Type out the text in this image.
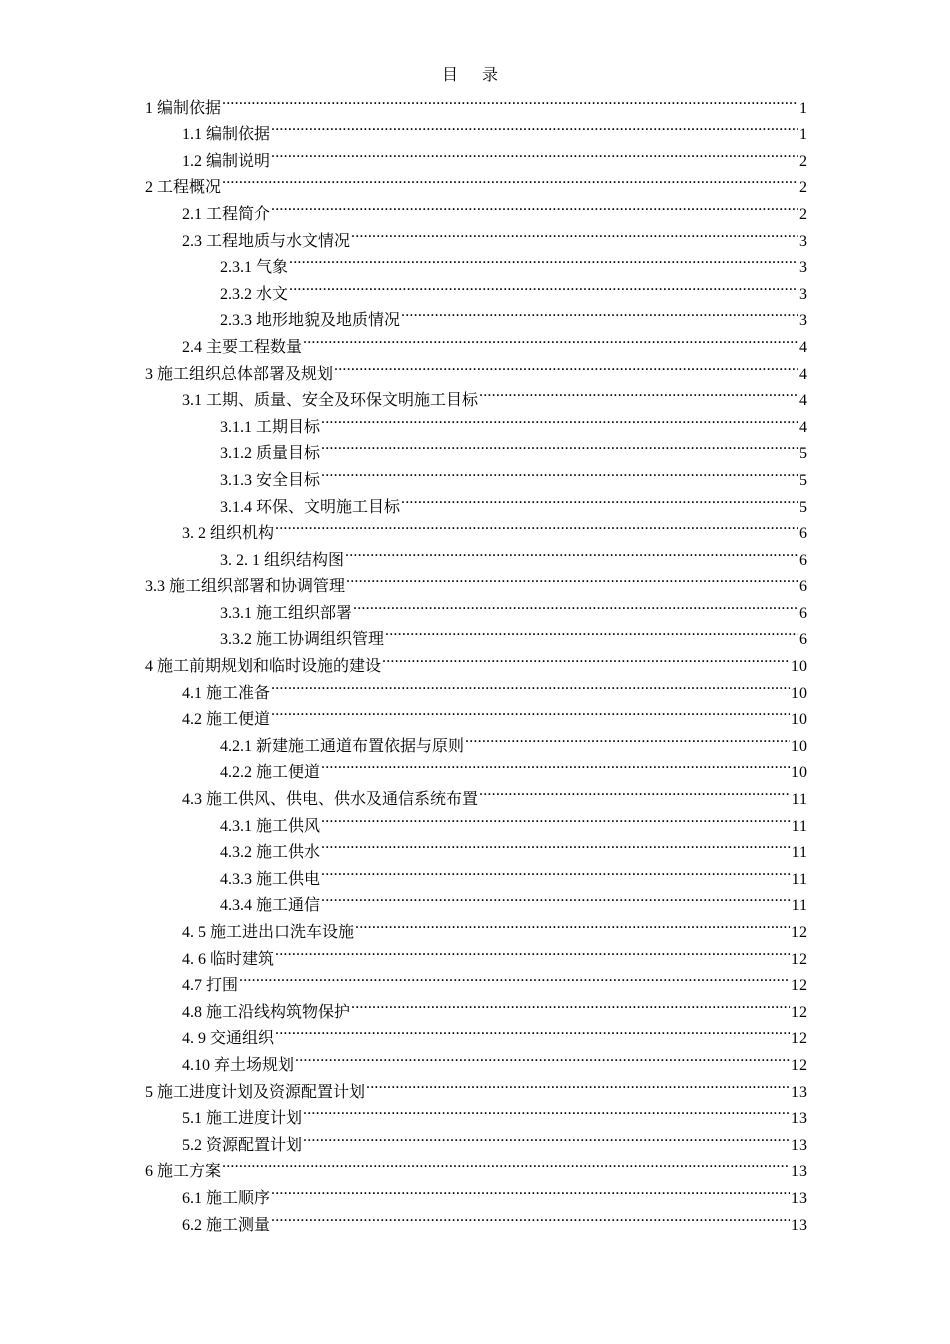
目 录
1 编制依据 .....	1
1.1 编制依据 .....	1
1.2 编制说明 .....	2
2 工程概况 .....	2
2.1 工程简介 .....	2
2.3 工程地质与水文情况 .....	3
2.3.1 气象 .....	3
2.3.2 水文 .....	3
2.3.3 地形地貌及地质情况 .....	3
2.4 主要工程数量 .....	4
3 施工组织总体部署及规划 .....	4
3.1 工期、质量、安全及环保文明施工目标 .....	4
3.1.1 工期目标 .....	4
3.1.2 质量目标 .....	5
3.1.3 安全目标 .....	5
3.1.4 环保、文明施工目标 .....	5
3. 2 组织机构 .....	6
3. 2. 1 组织结构图 .....	6
3.3 施工组织部署和协调管理 .....	6
3.3.1 施工组织部署 .....	6
3.3.2 施工协调组织管理 .....	6
4 施工前期规划和临时设施的建设 .....	10
4.1 施工准备 .....	10
4.2 施工便道 .....	10
4.2.1 新建施工通道布置依据与原则 .....	10
4.2.2 施工便道 .....	10
4.3 施工供风、供电、供水及通信系统布置 .....	11
4.3.1 施工供风 .....	11
4.3.2 施工供水 .....	11
4.3.3 施工供电 .....	11
4.3.4 施工通信 .....	11
4. 5 施工进出口洗车设施 .....	12
4. 6 临时建筑 .....	12
4.7 打围 .....	12
4.8 施工沿线构筑物保护 .....	12
4. 9 交通组织 .....	12
4.10 弃土场规划 .....	12
5 施工进度计划及资源配置计划 .....	13
5.1 施工进度计划 .....	13
5.2 资源配置计划 .....	13
6 施工方案 .....	13
6.1 施工顺序 .....	13
6.2 施工测量 .....	13
